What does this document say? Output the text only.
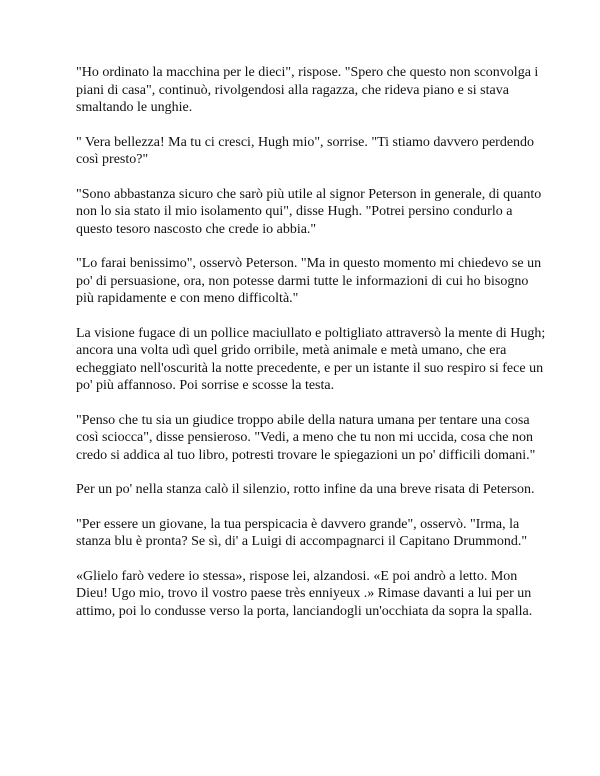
"Ho ordinato la macchina per le dieci", rispose. "Spero che questo non sconvolga i piani di casa", continuò, rivolgendosi alla ragazza, che rideva piano e si stava smaltando le unghie.

" Vera bellezza! Ma tu ci cresci, Hugh mio", sorrise. "Ti stiamo davvero perdendo così presto?"

"Sono abbastanza sicuro che sarò più utile al signor Peterson in generale, di quanto non lo sia stato il mio isolamento qui", disse Hugh. "Potrei persino condurlo a questo tesoro nascosto che crede io abbia."

"Lo farai benissimo", osservò Peterson. "Ma in questo momento mi chiedevo se un po' di persuasione, ora, non potesse darmi tutte le informazioni di cui ho bisogno più rapidamente e con meno difficoltà."

La visione fugace di un pollice maciullato e poltigliato attraversò la mente di Hugh; ancora una volta udì quel grido orribile, metà animale e metà umano, che era echeggiato nell'oscurità la notte precedente, e per un istante il suo respiro si fece un po' più affannoso. Poi sorrise e scosse la testa.

"Penso che tu sia un giudice troppo abile della natura umana per tentare una cosa così sciocca", disse pensieroso. "Vedi, a meno che tu non mi uccida, cosa che non credo si addica al tuo libro, potresti trovare le spiegazioni un po' difficili domani."

Per un po' nella stanza calò il silenzio, rotto infine da una breve risata di Peterson.

"Per essere un giovane, la tua perspicacia è davvero grande", osservò. "Irma, la stanza blu è pronta? Se sì, di' a Luigi di accompagnarci il Capitano Drummond."

«Glielo farò vedere io stessa», rispose lei, alzandosi. «E poi andrò a letto. Mon Dieu! Ugo mio, trovo il vostro paese très enniyeux .» Rimase davanti a lui per un attimo, poi lo condusse verso la porta, lanciandogli un'occhiata da sopra la spalla.
